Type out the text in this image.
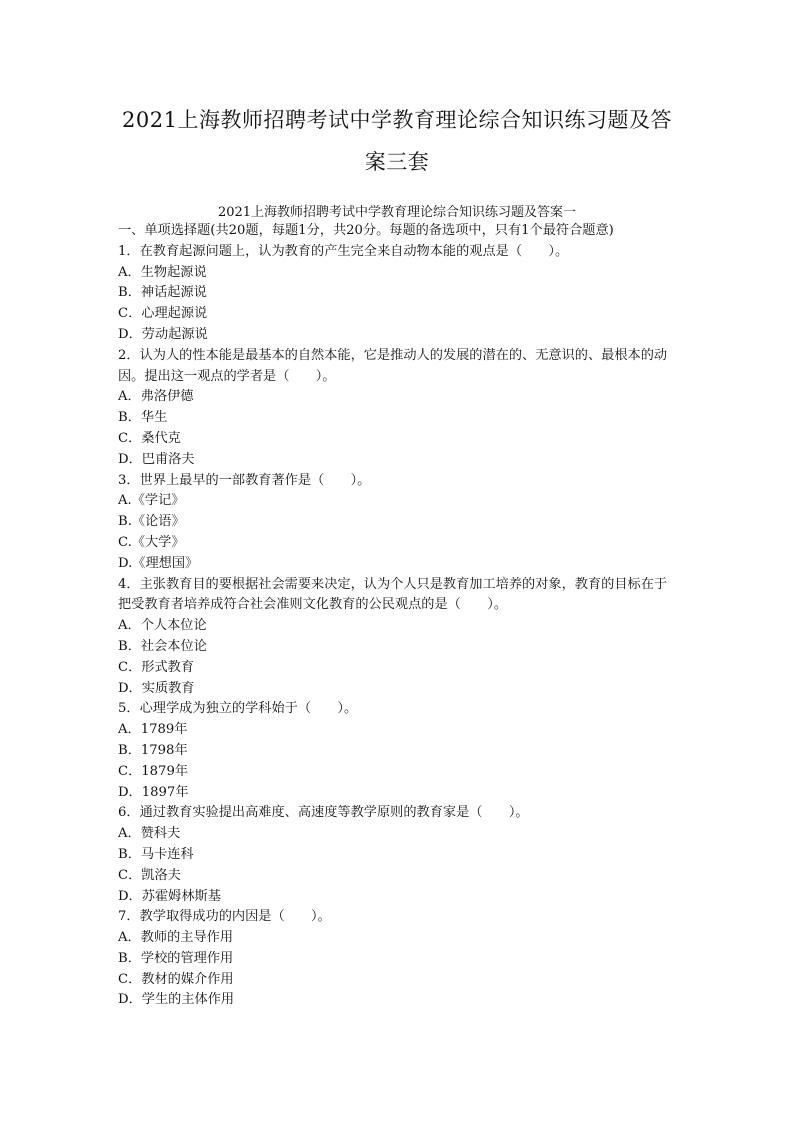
2021上海教师招聘考试中学教育理论综合知识练习题及答
案三套
2021上海教师招聘考试中学教育理论综合知识练习题及答案一
一、单项选择题(共20题，每题1分，共20分。每题的备选项中，只有1个最符合题意)
1．在教育起源问题上，认为教育的产生完全来自动物本能的观点是（　　）。
A．生物起源说
B．神话起源说
C．心理起源说
D．劳动起源说
2．认为人的性本能是最基本的自然本能，它是推动人的发展的潜在的、无意识的、最根本的动因。提出这一观点的学者是（　　）。
A．弗洛伊德
B．华生
C．桑代克
D．巴甫洛夫
3．世界上最早的一部教育著作是（　　）。
A.《学记》
B.《论语》
C.《大学》
D.《理想国》
4．主张教育目的要根据社会需要来决定，认为个人只是教育加工培养的对象，教育的目标在于把受教育者培养成符合社会准则文化教育的公民观点的是（　　）。
A．个人本位论
B．社会本位论
C．形式教育
D．实质教育
5．心理学成为独立的学科始于（　　）。
A．1789年
B．1798年
C．1879年
D．1897年
6．通过教育实验提出高难度、高速度等教学原则的教育家是（　　）。
A．赞科夫
B．马卡连科
C．凯洛夫
D．苏霍姆林斯基
7．教学取得成功的内因是（　　）。
A．教师的主导作用
B．学校的管理作用
C．教材的媒介作用
D．学生的主体作用
